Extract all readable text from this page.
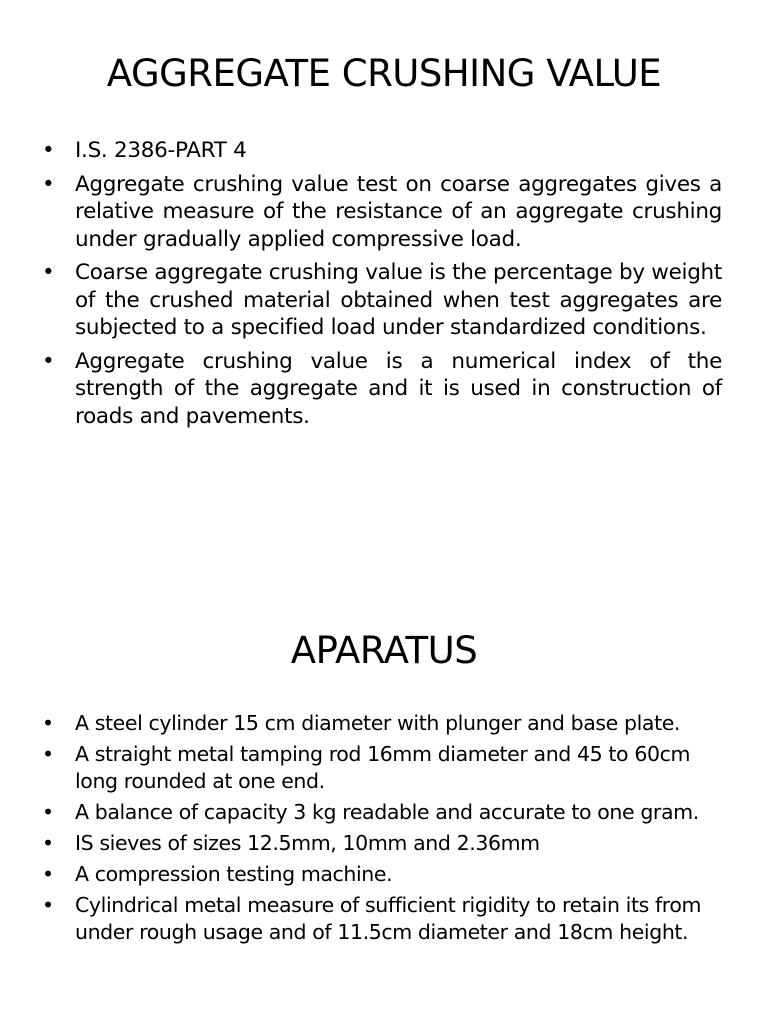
AGGREGATE CRUSHING VALUE
• I.S. 2386-PART 4
• Aggregate crushing value test on coarse aggregates gives a relative measure of the resistance of an aggregate crushing under gradually applied compressive load.
• Coarse aggregate crushing value is the percentage by weight of the crushed material obtained when test aggregates are subjected to a specified load under standardized conditions.
• Aggregate crushing value is a numerical index of the strength of the aggregate and it is used in construction of roads and pavements.
APARATUS
•	A steel cylinder 15 cm diameter with plunger and base plate.
•	A straight metal tamping rod 16mm diameter and 45 to 60cm long rounded at one end.
•	A balance of capacity 3 kg readable and accurate to one gram.
•	IS sieves of sizes 12.5mm, 10mm and 2.36mm
•	A compression testing machine.
•	Cylindrical metal measure of sufficient rigidity to retain its from under rough usage and of 11.5cm diameter and 18cm height.
